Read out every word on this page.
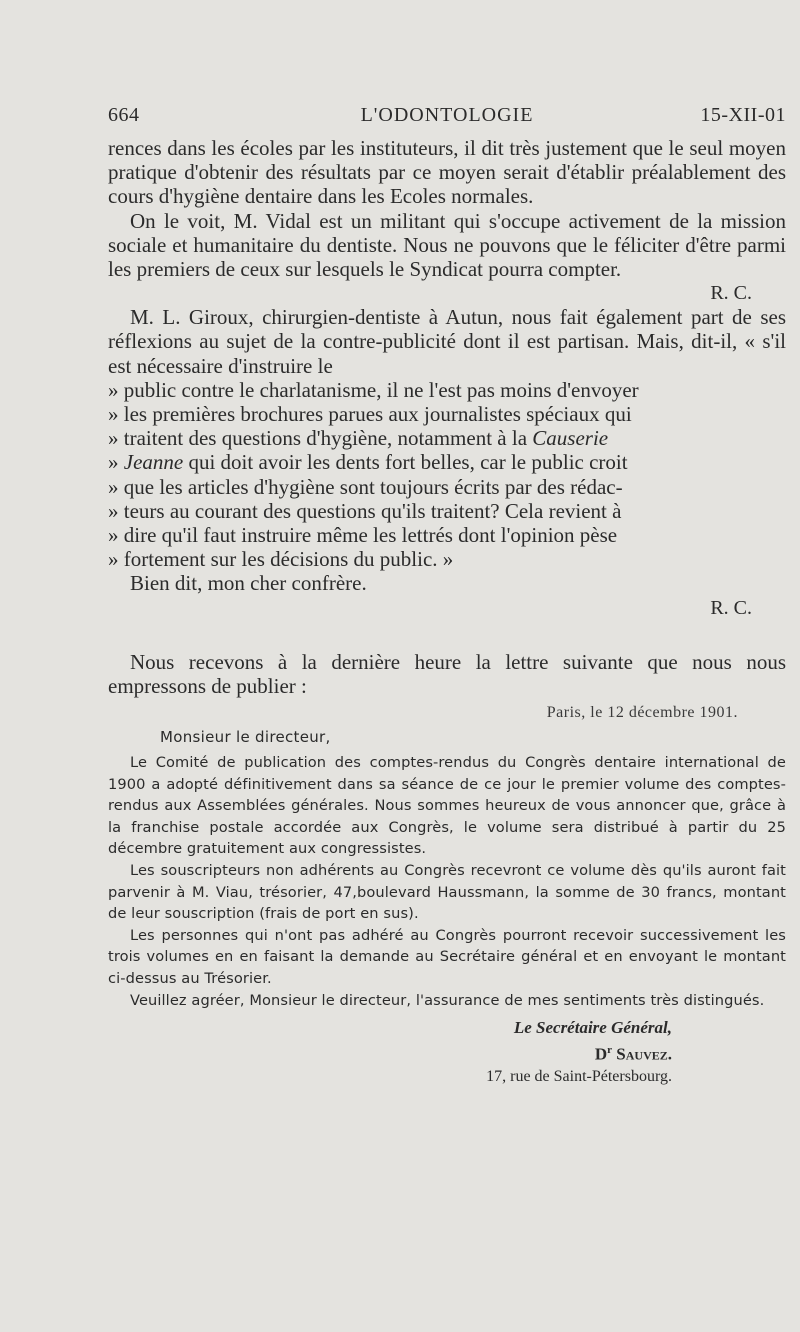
664	L'ODONTOLOGIE	15-XII-01

rences dans les écoles par les instituteurs, il dit très justement que le seul moyen pratique d'obtenir des résultats par ce moyen serait d'établir préalablement des cours d'hygiène dentaire dans les Ecoles normales.

On le voit, M. Vidal est un militant qui s'occupe activement de la mission sociale et humanitaire du dentiste. Nous ne pouvons que le féliciter d'être parmi les premiers de ceux sur lesquels le Syndicat pourra compter.

R. C.

M. L. Giroux, chirurgien-dentiste à Autun, nous fait également part de ses réflexions au sujet de la contre-publicité dont il est partisan. Mais, dit-il, « s'il est nécessaire d'instruire le

» public contre le charlatanisme, il ne l'est pas moins d'envoyer

» les premières brochures parues aux journalistes spéciaux qui

» traitent des questions d'hygiène, notamment à la Causerie

» Jeanne qui doit avoir les dents fort belles, car le public croit

» que les articles d'hygiène sont toujours écrits par des rédac-

» teurs au courant des questions qu'ils traitent? Cela revient à

» dire qu'il faut instruire même les lettrés dont l'opinion pèse

» fortement sur les décisions du public. »

Bien dit, mon cher confrère.

R. C.

Nous recevons à la dernière heure la lettre suivante que nous nous empressons de publier :

Paris, le 12 décembre 1901.

Monsieur le directeur,

Le Comité de publication des comptes-rendus du Congrès dentaire international de 1900 a adopté définitivement dans sa séance de ce jour le premier volume des comptes-rendus aux Assemblées générales. Nous sommes heureux de vous annoncer que, grâce à la franchise postale accordée aux Congrès, le volume sera distribué à partir du 25 décembre gratuitement aux congressistes.

Les souscripteurs non adhérents au Congrès recevront ce volume dès qu'ils auront fait parvenir à M. Viau, trésorier, 47,boulevard Haussmann, la somme de 30 francs, montant de leur souscription (frais de port en sus).

Les personnes qui n'ont pas adhéré au Congrès pourront recevoir successivement les trois volumes en en faisant la demande au Secrétaire général et en envoyant le montant ci-dessus au Trésorier.

Veuillez agréer, Monsieur le directeur, l'assurance de mes sentiments très distingués.

Le Secrétaire Général,
$D^r$ Sauvez.
17, rue de Saint-Pétersbourg.
